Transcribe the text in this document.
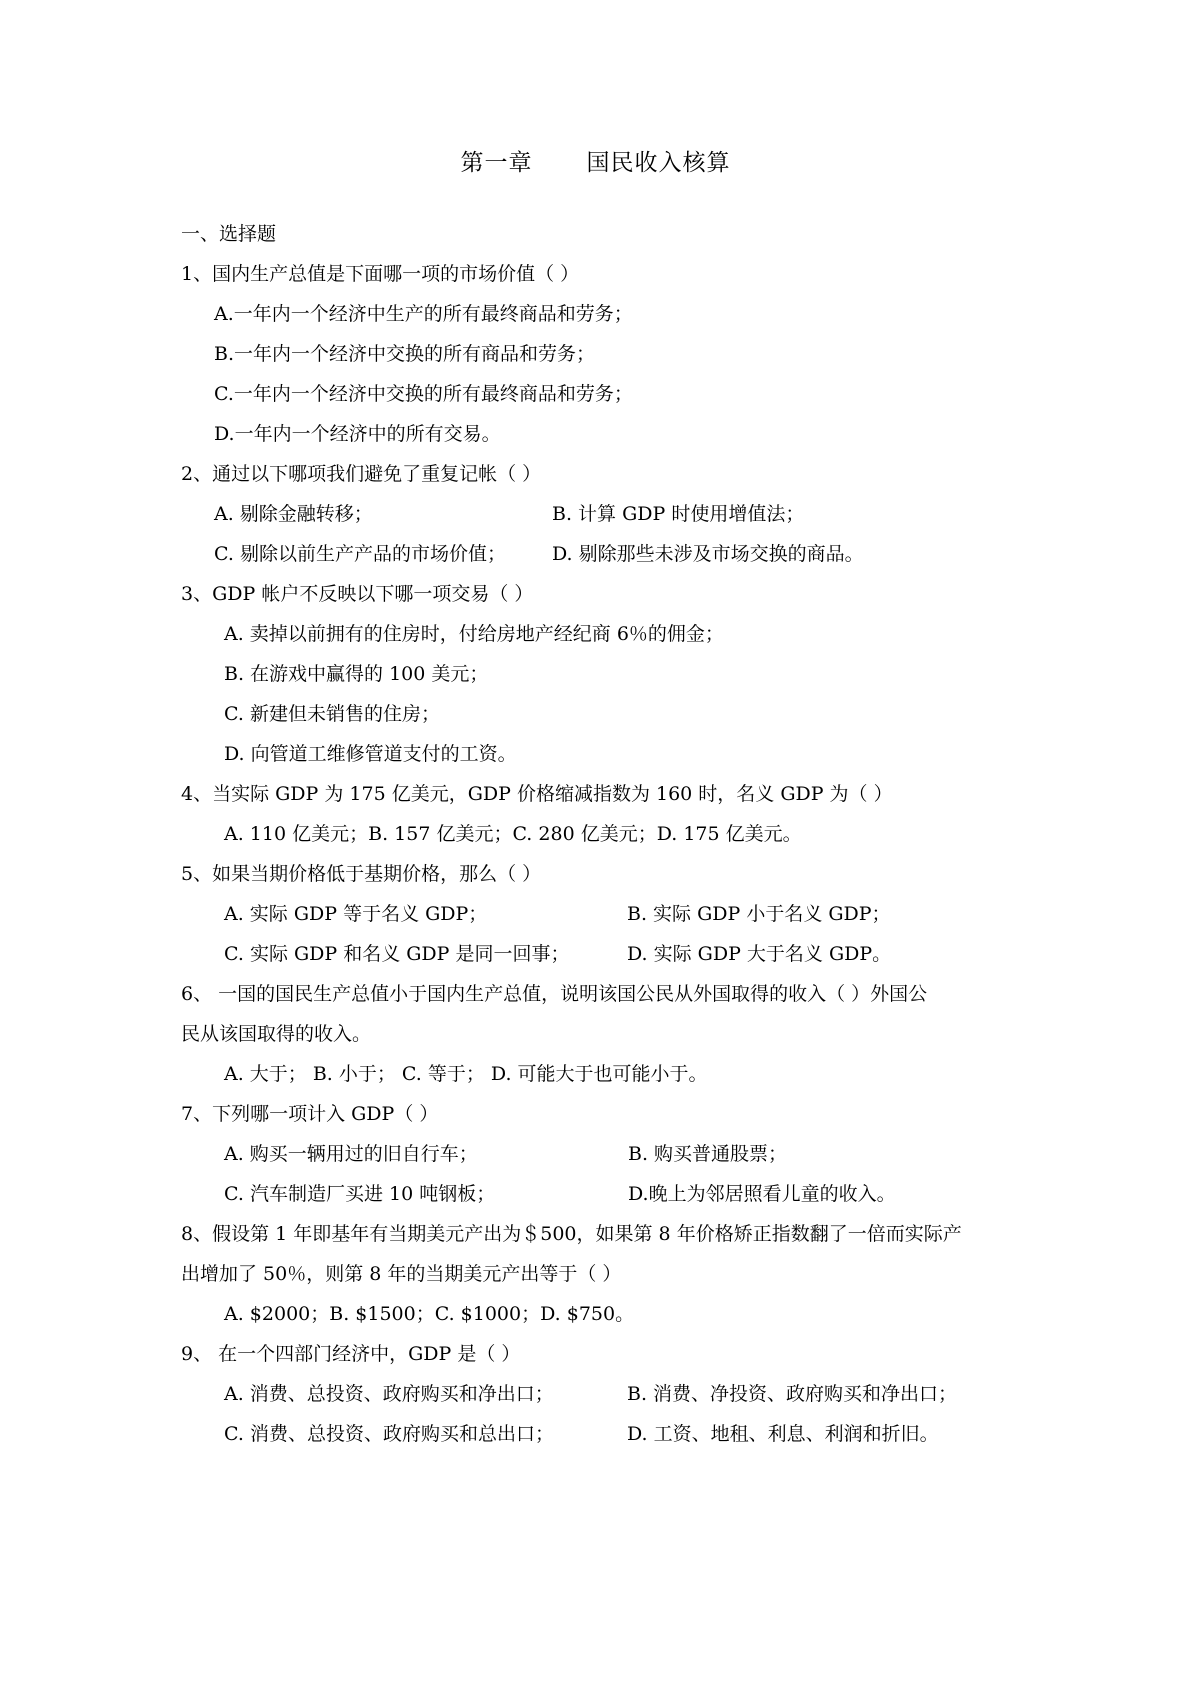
第一章 国民收入核算
一、选择题
1、国内生产总值是下面哪一项的市场价值（ ）
A.一年内一个经济中生产的所有最终商品和劳务；
B.一年内一个经济中交换的所有商品和劳务；
C.一年内一个经济中交换的所有最终商品和劳务；
D.一年内一个经济中的所有交易。
2、通过以下哪项我们避免了重复记帐（ ）
A. 剔除金融转移；	B. 计算 GDP 时使用增值法；
C. 剔除以前生产产品的市场价值； D. 剔除那些未涉及市场交换的商品。
3、GDP 帐户不反映以下哪一项交易（ ）
A. 卖掉以前拥有的住房时，付给房地产经纪商 6％的佣金；
B. 在游戏中赢得的 100 美元；
C. 新建但未销售的住房；
D. 向管道工维修管道支付的工资。
4、当实际 GDP 为 175 亿美元，GDP 价格缩减指数为 160 时，名义 GDP 为（ ）
A. 110 亿美元；B. 157 亿美元；C. 280 亿美元；D. 175 亿美元。
5、如果当期价格低于基期价格，那么（ ）
A. 实际 GDP 等于名义 GDP；	B. 实际 GDP 小于名义 GDP；
C. 实际 GDP 和名义 GDP 是同一回事；	D. 实际 GDP 大于名义 GDP。
6、 一国的国民生产总值小于国内生产总值，说明该国公民从外国取得的收入（ ）外国公
民从该国取得的收入。
A. 大于； B. 小于； C. 等于； D. 可能大于也可能小于。
7、下列哪一项计入 GDP（ ）
A. 购买一辆用过的旧自行车；	B. 购买普通股票；
C. 汽车制造厂买进 10 吨钢板；	D.晚上为邻居照看儿童的收入。
8、假设第 1 年即基年有当期美元产出为＄500，如果第 8 年价格矫正指数翻了一倍而实际产
出增加了 50％，则第 8 年的当期美元产出等于（ ）
A. $2000；B. $1500；C. $1000；D. $750。
9、 在一个四部门经济中，GDP 是（ ）
A. 消费、总投资、政府购买和净出口；	B. 消费、净投资、政府购买和净出口；
C. 消费、总投资、政府购买和总出口；	D. 工资、地租、利息、利润和折旧。
